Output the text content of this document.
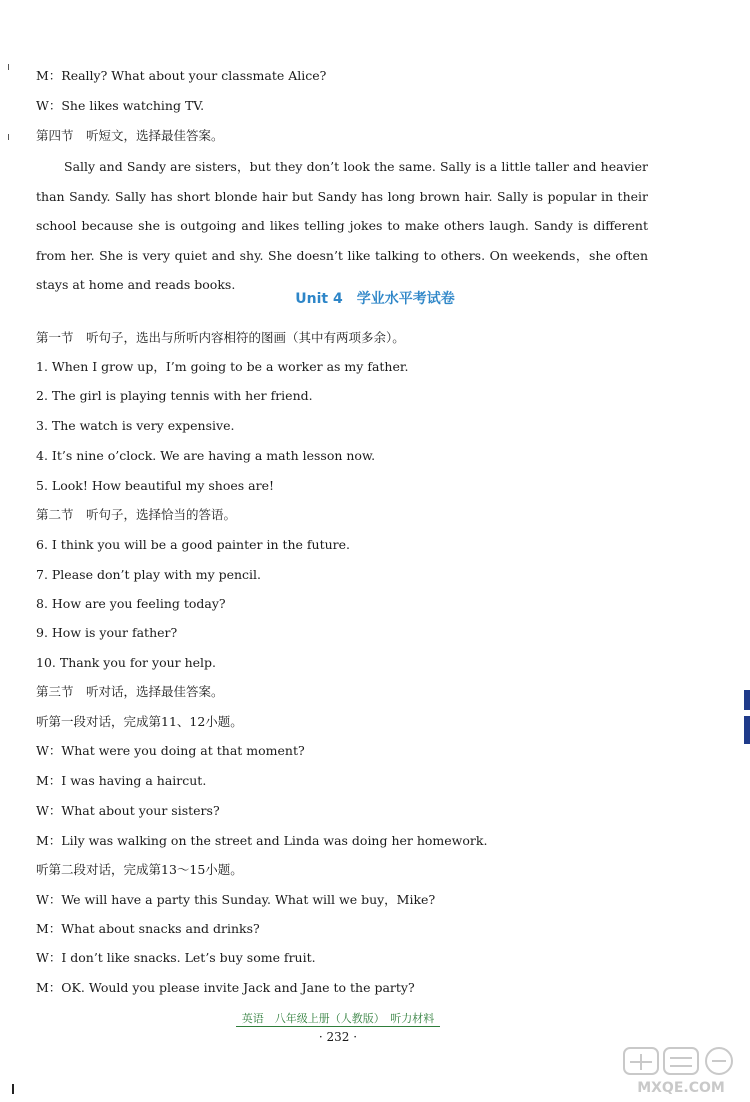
M：Really? What about your classmate Alice?
W：She likes watching TV.
第四节　听短文，选择最佳答案。
Sally and Sandy are sisters，but they don’t look the same. Sally is a little taller and heavier than Sandy. Sally has short blonde hair but Sandy has long brown hair. Sally is popular in their school because she is outgoing and likes telling jokes to make others laugh. Sandy is different from her. She is very quiet and shy. She doesn’t like talking to others. On weekends，she often stays at home and reads books.
Unit 4　学业水平考试卷
第一节　听句子，选出与所听内容相符的图画（其中有两项多余）。
1. When I grow up，I’m going to be a worker as my father.
2. The girl is playing tennis with her friend.
3. The watch is very expensive.
4. It’s nine o’clock. We are having a math lesson now.
5. Look! How beautiful my shoes are!
第二节　听句子，选择恰当的答语。
6. I think you will be a good painter in the future.
7. Please don’t play with my pencil.
8. How are you feeling today?
9. How is your father?
10. Thank you for your help.
第三节　听对话，选择最佳答案。
听第一段对话，完成第11、12小题。
W：What were you doing at that moment?
M：I was having a haircut.
W：What about your sisters?
M：Lily was walking on the street and Linda was doing her homework.
听第二段对话，完成第13～15小题。
W：We will have a party this Sunday. What will we buy，Mike?
M：What about snacks and drinks?
W：I don’t like snacks. Let’s buy some fruit.
M：OK. Would you please invite Jack and Jane to the party?
英语　八年级上册（人教版）　听力材料
· 232 ·
MXQE.COM
